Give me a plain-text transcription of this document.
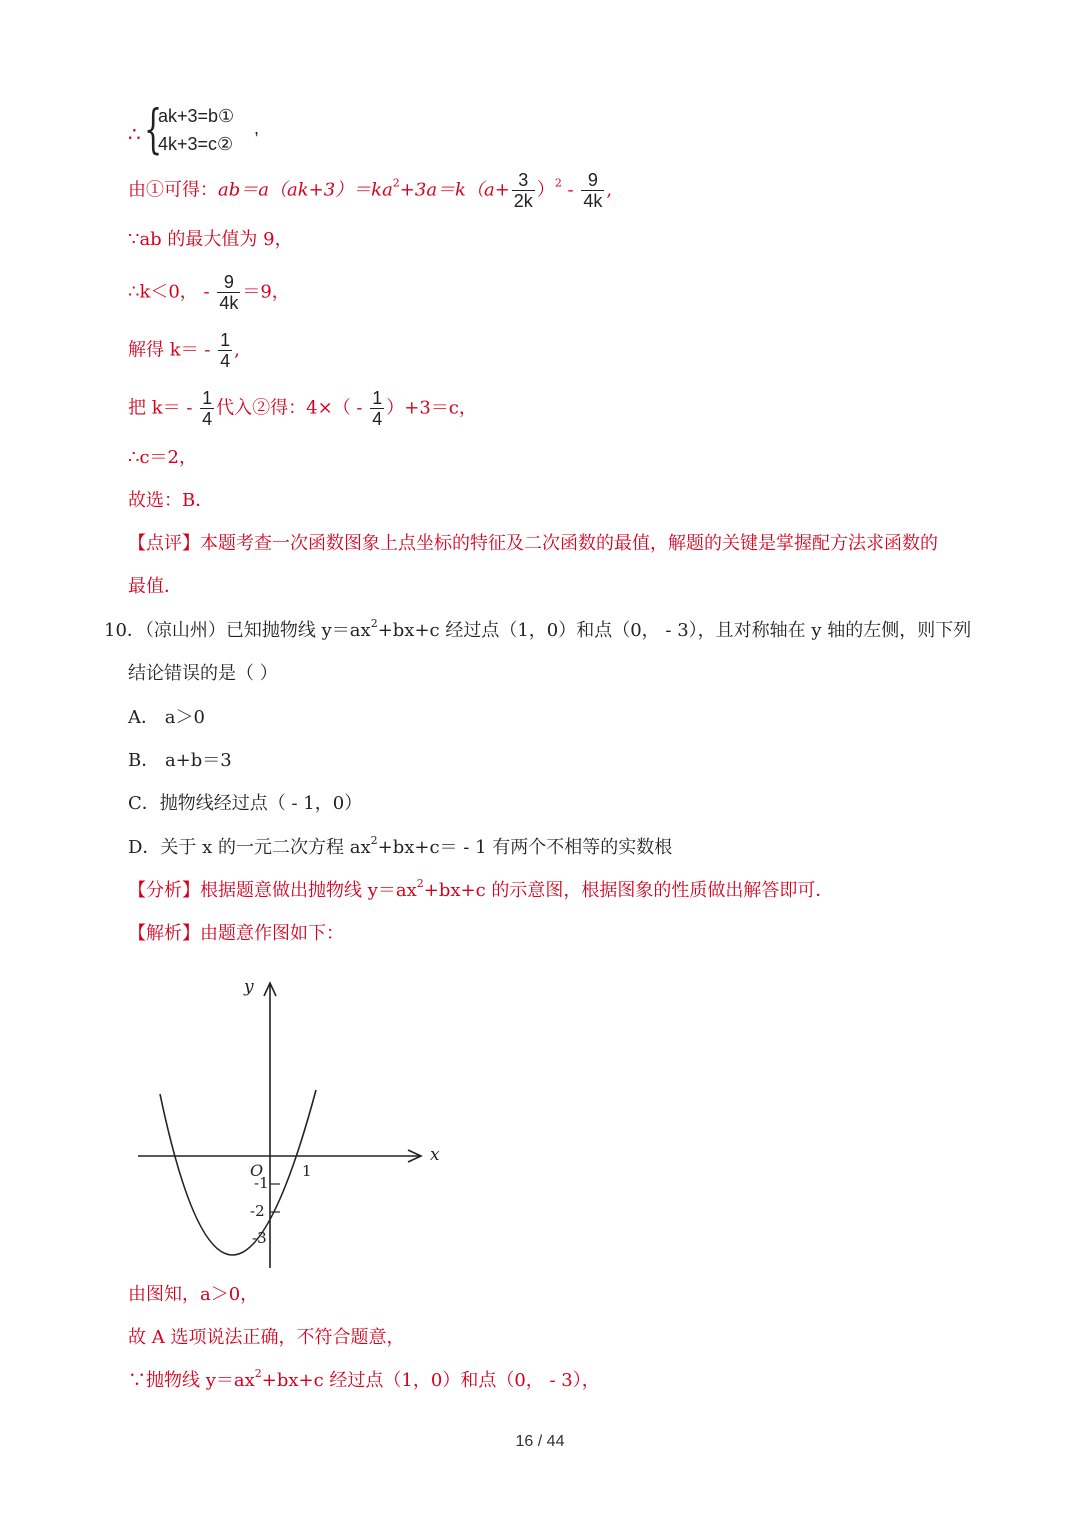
∴ {
ak+3=b①
4k+3=c②
,
由①可得：$ab=a(ak+3)=ka^2+3a=k(a+ \frac{3}{2k} )^2 - \frac{9}{4k}$ ,
∵ab 的最大值为 9，
∴k＜0， - $\frac{9}{4k} =9$，
解得 $k= - \frac{1}{4}$ ,
把 $k= - \frac{1}{4}$ 代入②得：$4\times( - \frac{1}{4} )+3=c$，
∴c＝2，
故选：B．
【点评】本题考查一次函数图象上点坐标的特征及二次函数的最值，解题的关键是掌握配方法求函数的
最值．
10．（凉山州）已知抛物线 $y=ax^2+bx+c$ 经过点（1，0）和点（0， - 3），且对称轴在 y 轴的左侧，则下列
结论错误的是（ ）
A． a＞0
B． a+b＝3
C．抛物线经过点（ - 1，0）
D．关于 x 的一元二次方程 $ax^2+bx+c= - 1$ 有两个不相等的实数根
【分析】根据题意做出抛物线 $y=ax^2+bx+c$ 的示意图，根据图象的性质做出解答即可．
【解析】由题意作图如下：
y
x
O	1
-1
-2
-3
由图知，a＞0，
故 A 选项说法正确，不符合题意，
∵抛物线 $y=ax^2+bx+c$ 经过点（1，0）和点（0， - 3），
16 / 44
